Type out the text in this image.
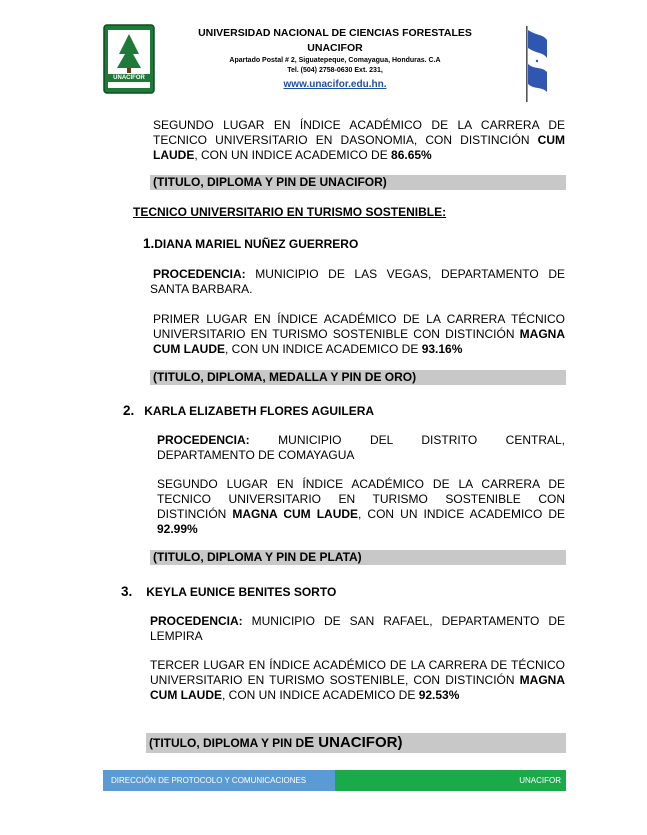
UNACIFOR
UNIVERSIDAD NACIONAL DE CIENCIAS FORESTALES
UNACIFOR
Apartado Postal # 2, Siguatepeque, Comayagua, Honduras. C.A
Tel. (504) 2758-0630 Ext. 231,
www.unacifor.edu.hn.
SEGUNDO LUGAR EN ÍNDICE ACADÉMICO DE LA CARRERA DE TECNICO UNIVERSITARIO EN DASONOMIA, CON DISTINCIÓN CUM LAUDE, CON UN INDICE ACADEMICO DE 86.65%
(TITULO, DIPLOMA Y PIN DE UNACIFOR)
TECNICO UNIVERSITARIO EN TURISMO SOSTENIBLE:
1.DIANA MARIEL NUÑEZ GUERRERO
PROCEDENCIA: MUNICIPIO DE LAS VEGAS, DEPARTAMENTO DE SANTA BARBARA.
PRIMER LUGAR EN ÍNDICE ACADÉMICO DE LA CARRERA TÉCNICO UNIVERSITARIO EN TURISMO SOSTENIBLE CON DISTINCIÓN MAGNA CUM LAUDE, CON UN INDICE ACADEMICO DE 93.16%
(TITULO, DIPLOMA, MEDALLA Y PIN DE ORO)
2. KARLA ELIZABETH FLORES AGUILERA
PROCEDENCIA: MUNICIPIO DEL DISTRITO CENTRAL, DEPARTAMENTO DE COMAYAGUA
SEGUNDO LUGAR EN ÍNDICE ACADÉMICO DE LA CARRERA DE TECNICO UNIVERSITARIO EN TURISMO SOSTENIBLE CON DISTINCIÓN MAGNA CUM LAUDE, CON UN INDICE ACADEMICO DE 92.99%
(TITULO, DIPLOMA Y PIN DE PLATA)
3. KEYLA EUNICE BENITES SORTO
PROCEDENCIA: MUNICIPIO DE SAN RAFAEL, DEPARTAMENTO DE LEMPIRA
TERCER LUGAR EN ÍNDICE ACADÉMICO DE LA CARRERA DE TÉCNICO UNIVERSITARIO EN TURISMO SOSTENIBLE, CON DISTINCIÓN MAGNA CUM LAUDE, CON UN INDICE ACADEMICO DE 92.53%
(TITULO, DIPLOMA Y PIN DE UNACIFOR)
DIRECCIÓN DE PROTOCOLO Y COMUNICACIONES	UNACIFOR
